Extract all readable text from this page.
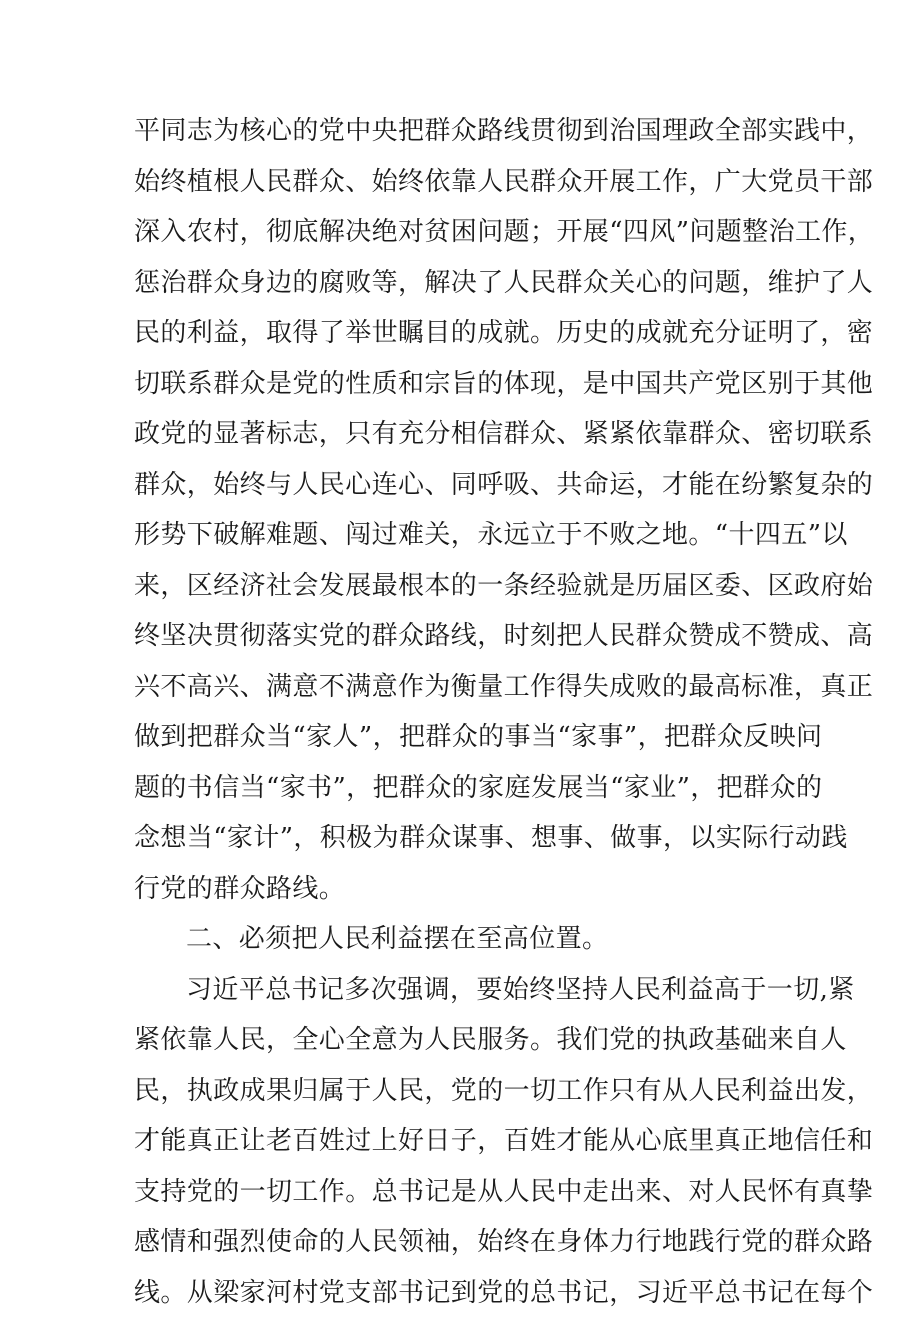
平同志为核心的党中央把群众路线贯彻到治国理政全部实践中，
始终植根人民群众、始终依靠人民群众开展工作，广大党员干部
深入农村，彻底解决绝对贫困问题；开展“四风”问题整治工作，
惩治群众身边的腐败等，解决了人民群众关心的问题，维护了人
民的利益，取得了举世瞩目的成就。历史的成就充分证明了，密
切联系群众是党的性质和宗旨的体现，是中国共产党区别于其他
政党的显著标志，只有充分相信群众、紧紧依靠群众、密切联系
群众，始终与人民心连心、同呼吸、共命运，才能在纷繁复杂的
形势下破解难题、闯过难关，永远立于不败之地。“十四五”以
来，区经济社会发展最根本的一条经验就是历届区委、区政府始
终坚决贯彻落实党的群众路线，时刻把人民群众赞成不赞成、高
兴不高兴、满意不满意作为衡量工作得失成败的最高标准，真正
做到把群众当“家人”，把群众的事当“家事”，把群众反映问
题的书信当“家书”，把群众的家庭发展当“家业”，把群众的
念想当“家计”，积极为群众谋事、想事、做事，以实际行动践
行党的群众路线。
二、必须把人民利益摆在至高位置。
习近平总书记多次强调，要始终坚持人民利益高于一切,紧
紧依靠人民，全心全意为人民服务。我们党的执政基础来自人
民，执政成果归属于人民，党的一切工作只有从人民利益出发，
才能真正让老百姓过上好日子，百姓才能从心底里真正地信任和
支持党的一切工作。总书记是从人民中走出来、对人民怀有真挚
感情和强烈使命的人民领袖，始终在身体力行地践行党的群众路
线。从梁家河村党支部书记到党的总书记，习近平总书记在每个
